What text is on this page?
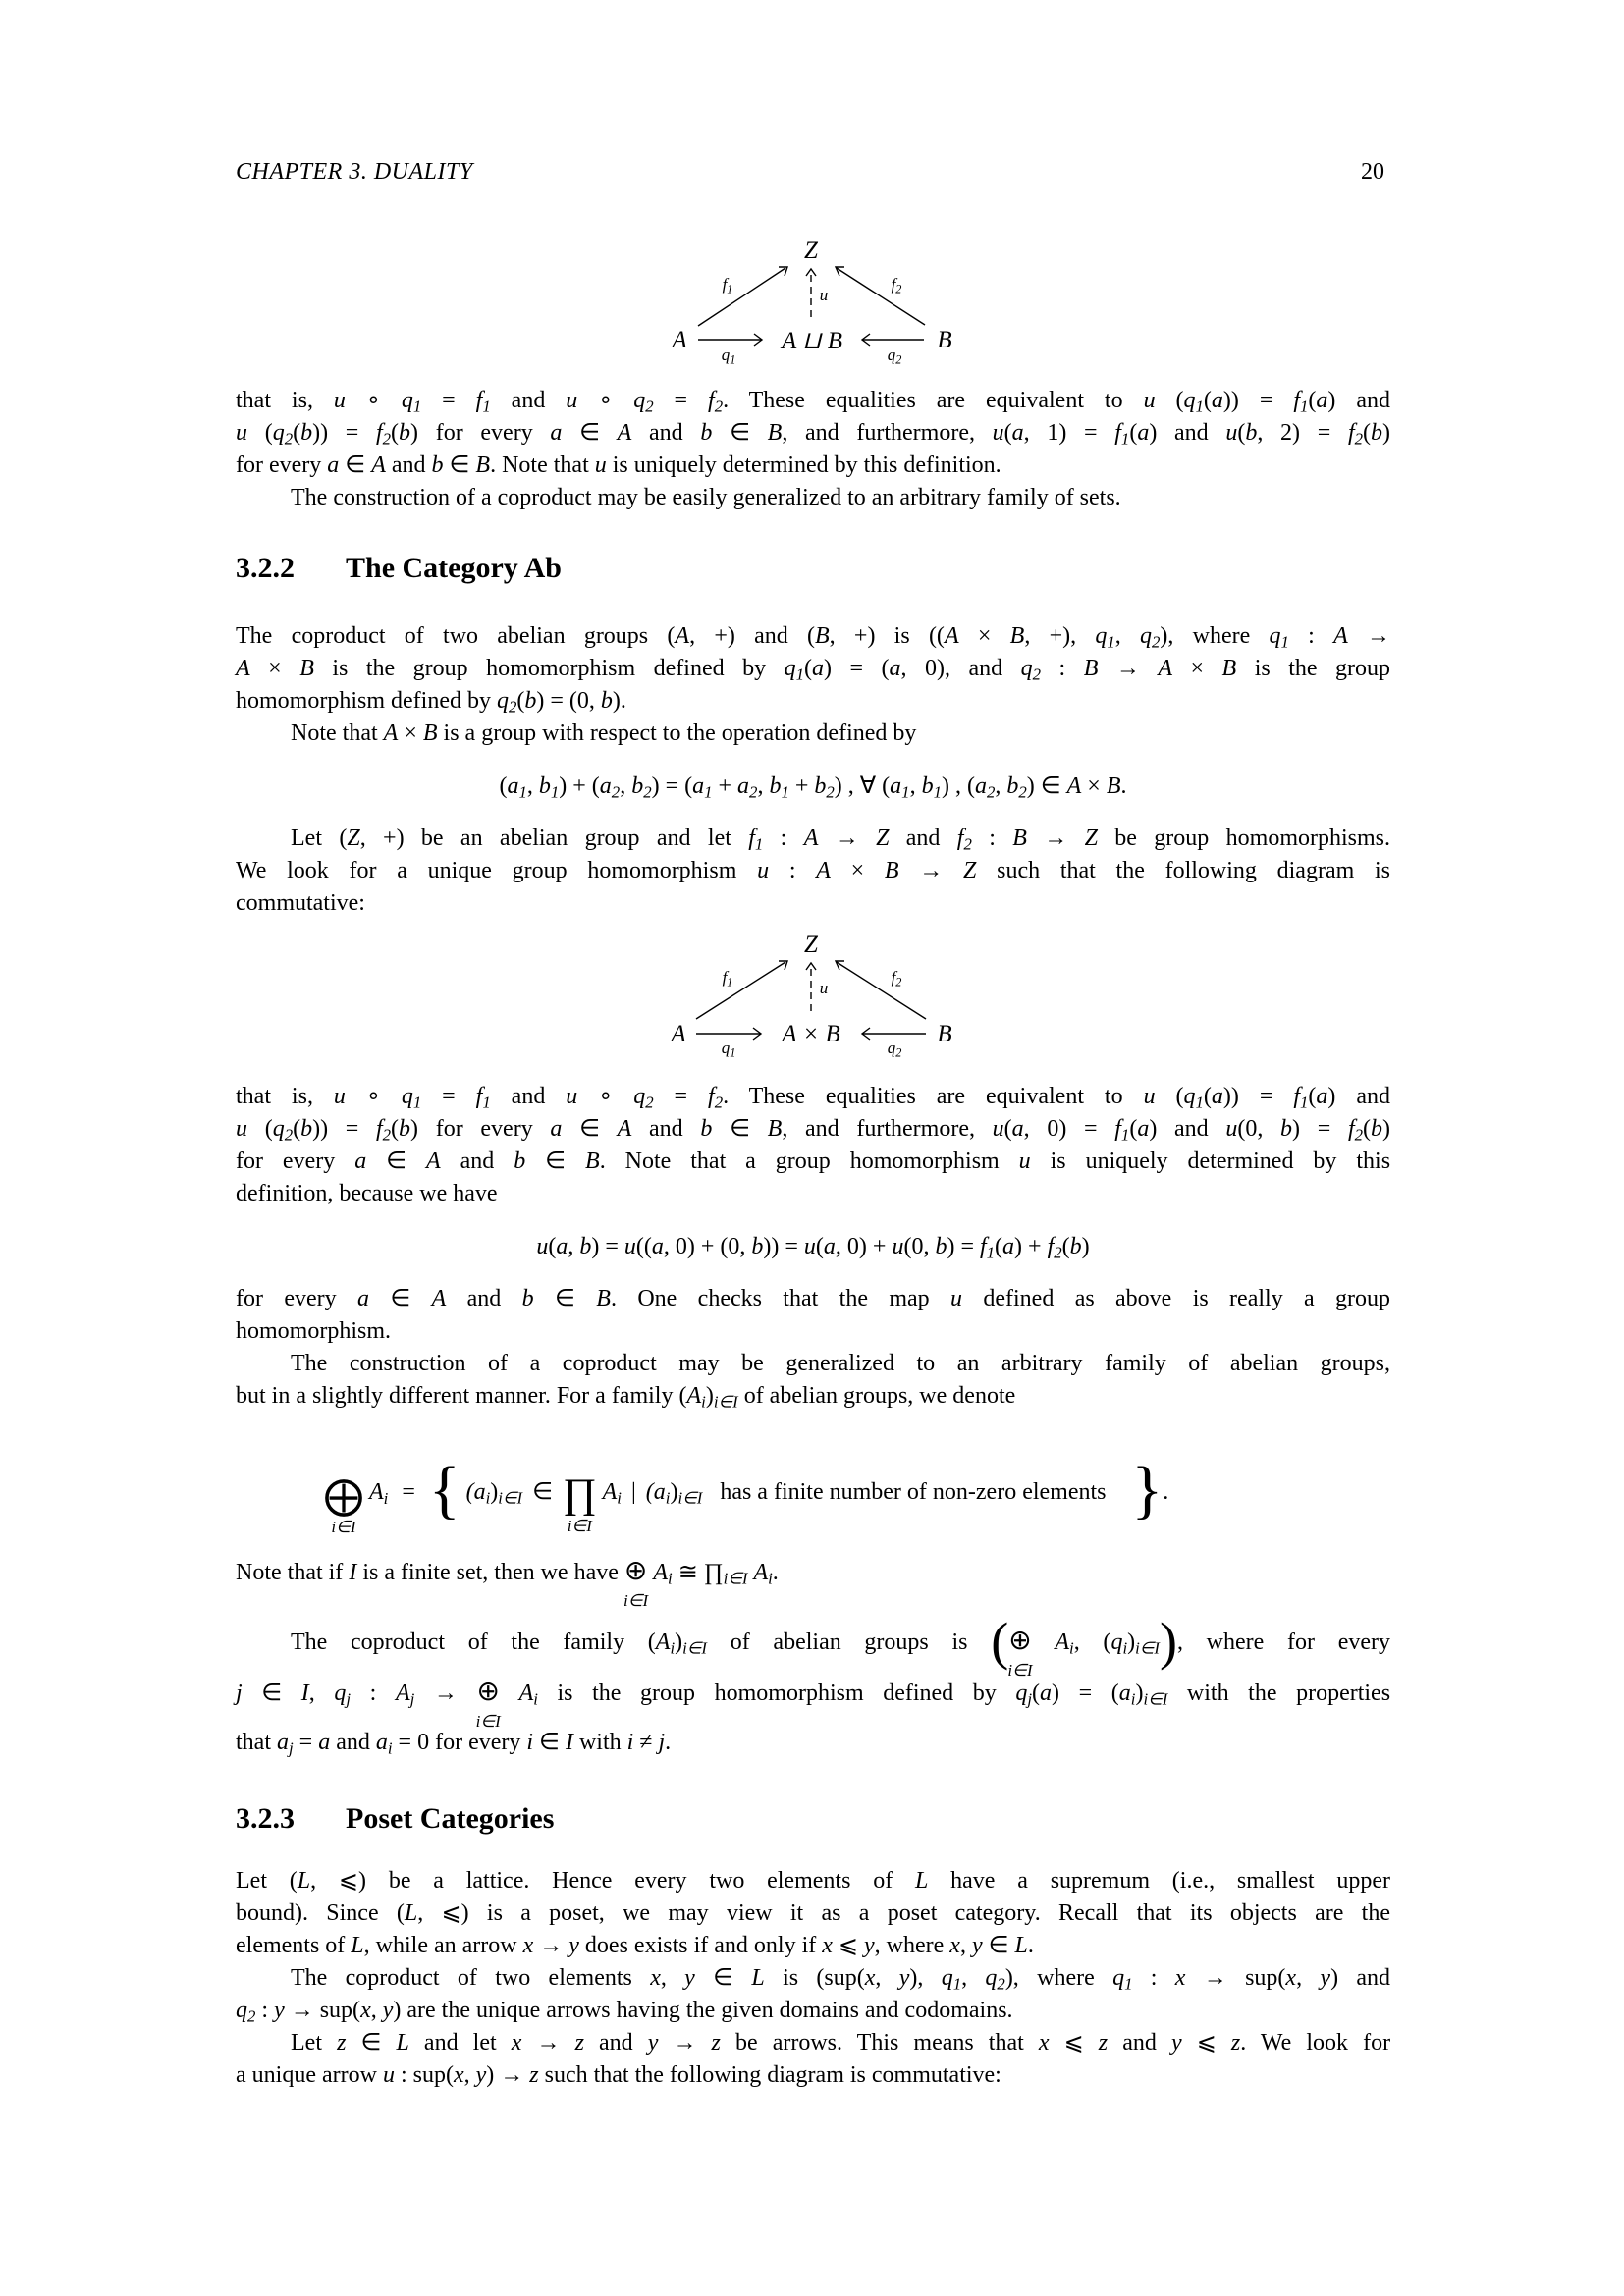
CHAPTER 3. DUALITY	20
Z
A	A ⊔ B	B
$f_1$	$f_2$
u
$q_1$	$q_2$
Z
A	A × B	B
$f_1$	$f_2$
u
$q_1$	$q_2$
3.2.2 The Category Ab
3.2.3 Poset Categories
that is, u ∘ $q_1 = f_1$ and u ∘ $q_2 = f_2$. These equalities are equivalent to u $(q_1(a)) = f_1(a)$ and
u $(q_2(b)) = f_2(b)$ for every a ∈ A and b ∈ B, and furthermore, u(a, $1) = f_1(a)$ and u(b, $2) = f_2(b)$
for every a ∈ A and b ∈ B. Note that u is uniquely determined by this definition.
The construction of a coproduct may be easily generalized to an arbitrary family of sets.
The coproduct of two abelian groups (A, +) and (B, +) is ((A × B, +), $q_1$, $q_2$), where $q_1$ : A →
A × B is the group homomorphism defined by $q_1(a) = (a$, 0), and $q_2$ : B → A × B is the group
homomorphism defined by $q_2(b) = (0$, b).
Note that A × B is a group with respect to the operation defined by
($a_1$, $b_1) + (a_2$, $b_2) = (a_1 + a_2$, $b_1 + b_2$) , ∀ ($a_1$, $b_1$) , ($a_2$, $b_2$) ∈ A × B.
Let (Z, +) be an abelian group and let $f_1$ : A → Z and $f_2$ : B → Z be group homomorphisms.
We look for a unique group homomorphism u : A × B → Z such that the following diagram is
commutative:
that is, u ∘ $q_1 = f_1$ and u ∘ $q_2 = f_2$. These equalities are equivalent to u $(q_1(a)) = f_1(a)$ and
u $(q_2(b)) = f_2(b)$ for every a ∈ A and b ∈ B, and furthermore, u(a, $0) = f_1(a)$ and u(0, $b) = f_2(b)$
for every a ∈ A and b ∈ B. Note that a group homomorphism u is uniquely determined by this
definition, because we have
u(a, b) = u((a, 0) + (0, b)) = u(a, 0) + u(0, $b) = f_1(a) + f_2(b)$
for every a ∈ A and b ∈ B. One checks that the map u defined as above is really a group
homomorphism.
The construction of a coproduct may be generalized to an arbitrary family of abelian groups,
but in a slightly different manner. For a family $(A_i)_{i\in I}$ of abelian groups, we denote
Note that if I is a finite set, then we have ⊕
i∈I
$A_i$ ≅ $\prod_{i\in I}$ $A_i$.
The coproduct of the family $(A_i)_{i\in I}$ of abelian groups is (⊕
i∈I
$A_i$, $(q_i)_{i\in I}$), where for every
j ∈ I, $q_j$ : $A_j$ → ⊕
i∈I
$A_i$ is the group homomorphism defined by $q_j(a) = (a_i)_{i\in I}$ with the properties
that $a_j = a$ and $a_i = 0$ for every i ∈ I with i ≠ j.
Let (L, ⩽) be a lattice. Hence every two elements of L have a supremum (i.e., smallest upper
bound). Since (L, ⩽) is a poset, we may view it as a poset category. Recall that its objects are the
elements of L, while an arrow x → y does exists if and only if x ⩽ y, where x, y ∈ L.
The coproduct of two elements x, y ∈ L is (sup(x, y), $q_1$, $q_2$), where $q_1$ : x → sup(x, y) and
$q_2$ : y → sup(x, y) are the unique arrows having the given domains and codomains.
Let z ∈ L and let x → z and y → z be arrows. This means that x ⩽ z and y ⩽ z. We look for
a unique arrow u : sup(x, y) → z such that the following diagram is commutative:
⨁
i∈I
$A_i$ = { $(a_i)_{i\in I}$ ∈ ∏
i∈I
$A_i$ | $(a_i)_{i\in I}$ has a finite number of non-zero elements }.
